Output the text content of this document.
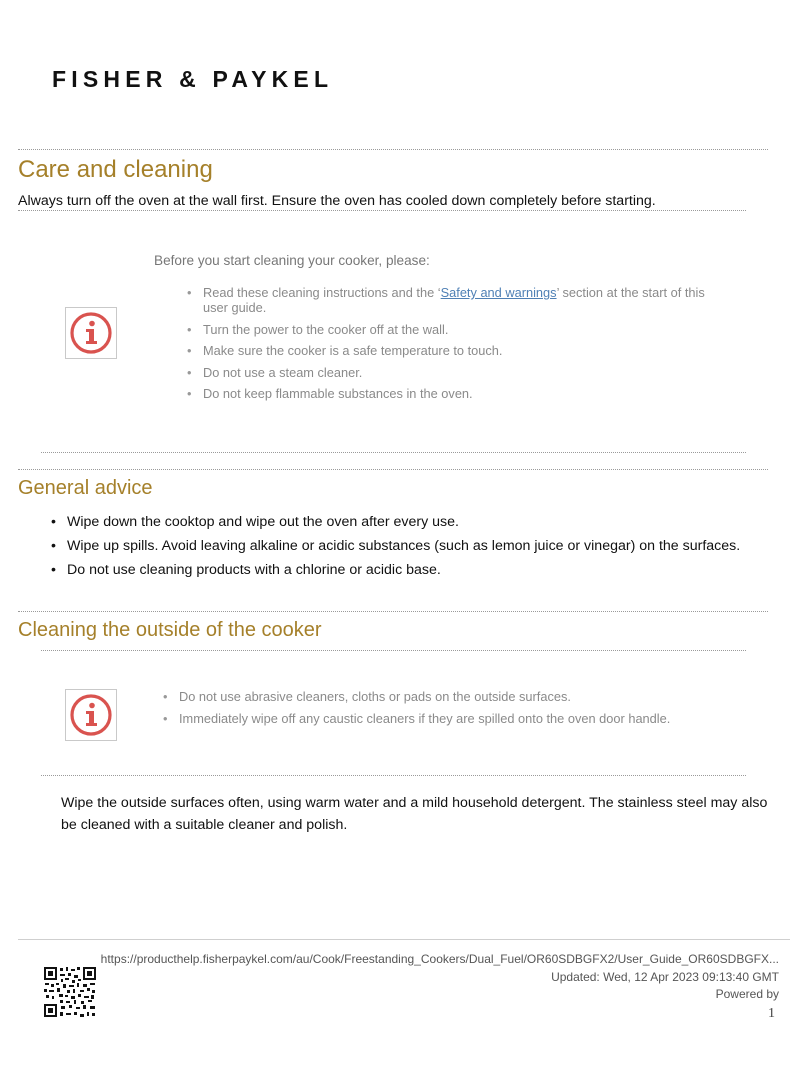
FISHER & PAYKEL
Care and cleaning
Always turn off the oven at the wall first. Ensure the oven has cooled down completely before starting.
Before you start cleaning your cooker, please:
• Read these cleaning instructions and the ‘Safety and warnings’ section at the start of this user guide.
• Turn the power to the cooker off at the wall.
• Make sure the cooker is a safe temperature to touch.
• Do not use a steam cleaner.
• Do not keep flammable substances in the oven.
General advice
• Wipe down the cooktop and wipe out the oven after every use.
• Wipe up spills. Avoid leaving alkaline or acidic substances (such as lemon juice or vinegar) on the surfaces.
• Do not use cleaning products with a chlorine or acidic base.
Cleaning the outside of the cooker
• Do not use abrasive cleaners, cloths or pads on the outside surfaces.
• Immediately wipe off any caustic cleaners if they are spilled onto the oven door handle.
Wipe the outside surfaces often, using warm water and a mild household detergent. The stainless steel may also
be cleaned with a suitable cleaner and polish.
https://producthelp.fisherpaykel.com/au/Cook/Freestanding_Cookers/Dual_Fuel/OR60SDBGFX2/User_Guide_OR60SDBGFX...
Updated: Wed, 12 Apr 2023 09:13:40 GMT
Powered by
1
